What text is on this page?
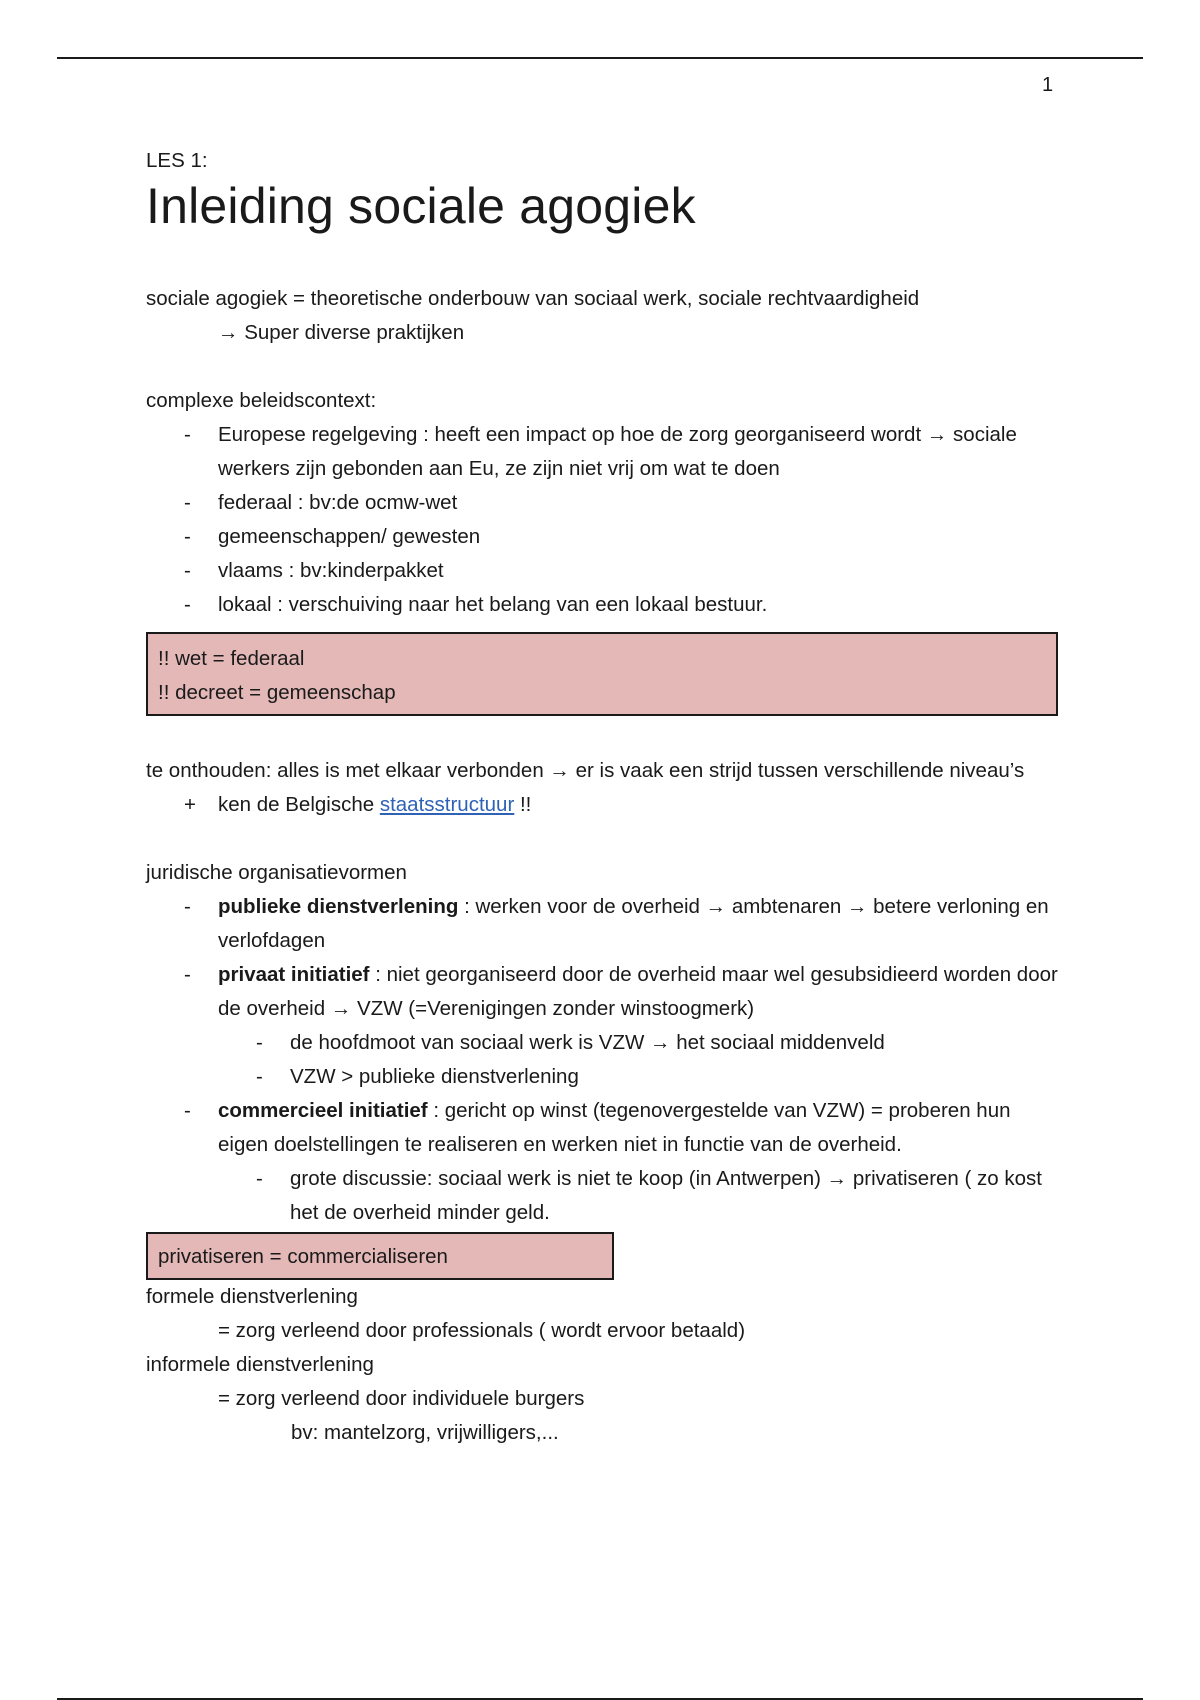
1
LES 1:
Inleiding sociale agogiek
sociale agogiek = theoretische onderbouw van sociaal werk, sociale rechtvaardigheid
→ Super diverse praktijken
complexe beleidscontext:
-	Europese regelgeving : heeft een impact op hoe de zorg georganiseerd wordt → sociale werkers zijn gebonden aan Eu, ze zijn niet vrij om wat te doen
-	federaal : bv:de ocmw-wet
-	gemeenschappen/ gewesten
-	vlaams : bv:kinderpakket
-	lokaal : verschuiving naar het belang van een lokaal bestuur.
!! wet = federaal
!! decreet = gemeenschap
te onthouden: alles is met elkaar verbonden → er is vaak een strijd tussen verschillende niveau’s
+	ken de Belgische staatsstructuur !!
juridische organisatievormen
-	publieke dienstverlening : werken voor de overheid → ambtenaren → betere verloning en verlofdagen
-	privaat initiatief : niet georganiseerd door de overheid maar wel gesubsidieerd worden door de overheid → VZW (=Verenigingen zonder winstoogmerk)
-	de hoofdmoot van sociaal werk is VZW → het sociaal middenveld
-	VZW > publieke dienstverlening
-	commercieel initiatief : gericht op winst (tegenovergestelde van VZW) = proberen hun eigen doelstellingen te realiseren en werken niet in functie van de overheid.
-	grote discussie: sociaal werk is niet te koop (in Antwerpen) → privatiseren ( zo kost het de overheid minder geld.
privatiseren = commercialiseren
formele dienstverlening
= zorg verleend door professionals ( wordt ervoor betaald)
informele dienstverlening
= zorg verleend door individuele burgers
bv: mantelzorg, vrijwilligers,...
